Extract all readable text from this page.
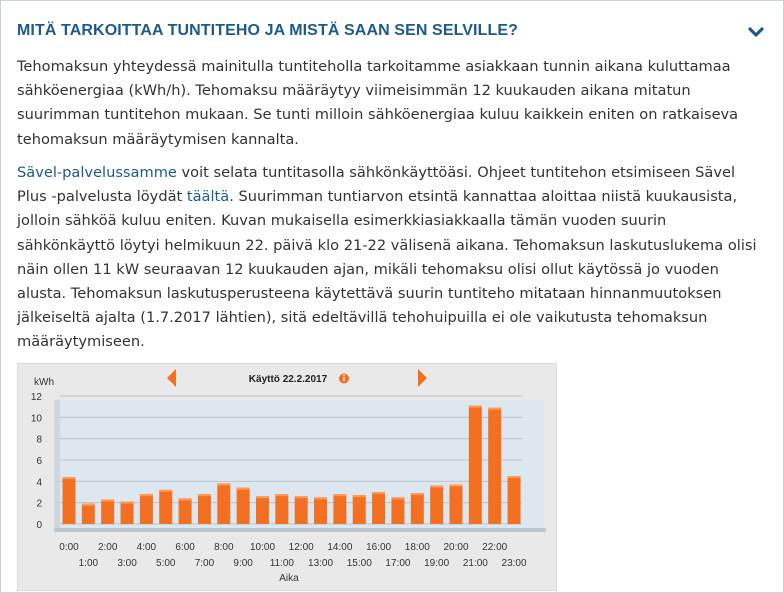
MITÄ TARKOITTAA TUNTITEHO JA MISTÄ SAAN SEN SELVILLE?
Tehomaksun yhteydessä mainitulla tuntiteholla tarkoitamme asiakkaan tunnin aikana kuluttamaa sähköenergiaa (kWh/h). Tehomaksu määräytyy viimeisimmän 12 kuukauden aikana mitatun suurimman tuntitehon mukaan. Se tunti milloin sähköenergiaa kuluu kaikkein eniten on ratkaiseva tehomaksun määräytymisen kannalta.
Sävel-palvelussamme voit selata tuntitasolla sähkönkäyttöäsi. Ohjeet tuntitehon etsimiseen Sävel Plus -palvelusta löydät täältä. Suurimman tuntiarvon etsintä kannattaa aloittaa niistä kuukausista, jolloin sähköä kuluu eniten. Kuvan mukaisella esimerkkiasiakkaalla tämän vuoden suurin sähkönkäyttö löytyi helmikuun 22. päivä klo 21-22 välisenä aikana. Tehomaksun laskutuslukema olisi näin ollen 11 kW seuraavan 12 kuukauden ajan, mikäli tehomaksu olisi ollut käytössä jo vuoden alusta. Tehomaksun laskutusperusteena käytettävä suurin tuntiteho mitataan hinnanmuutoksen jälkeiseltä ajalta (1.7.2017 lähtien), sitä edeltävillä tehohuipuilla ei ole vaikutusta tehomaksun määräytymiseen.
0
2
4
6
8
10
12
0:00
1:00
2:00
3:00
4:00
5:00
6:00
7:00
8:00
9:00
10:00
11:00
12:00
13:00
14:00
15:00
16:00
17:00
18:00
19:00
20:00
21:00
22:00
23:00
kWh
Aika
Käyttö 22.2.2017
